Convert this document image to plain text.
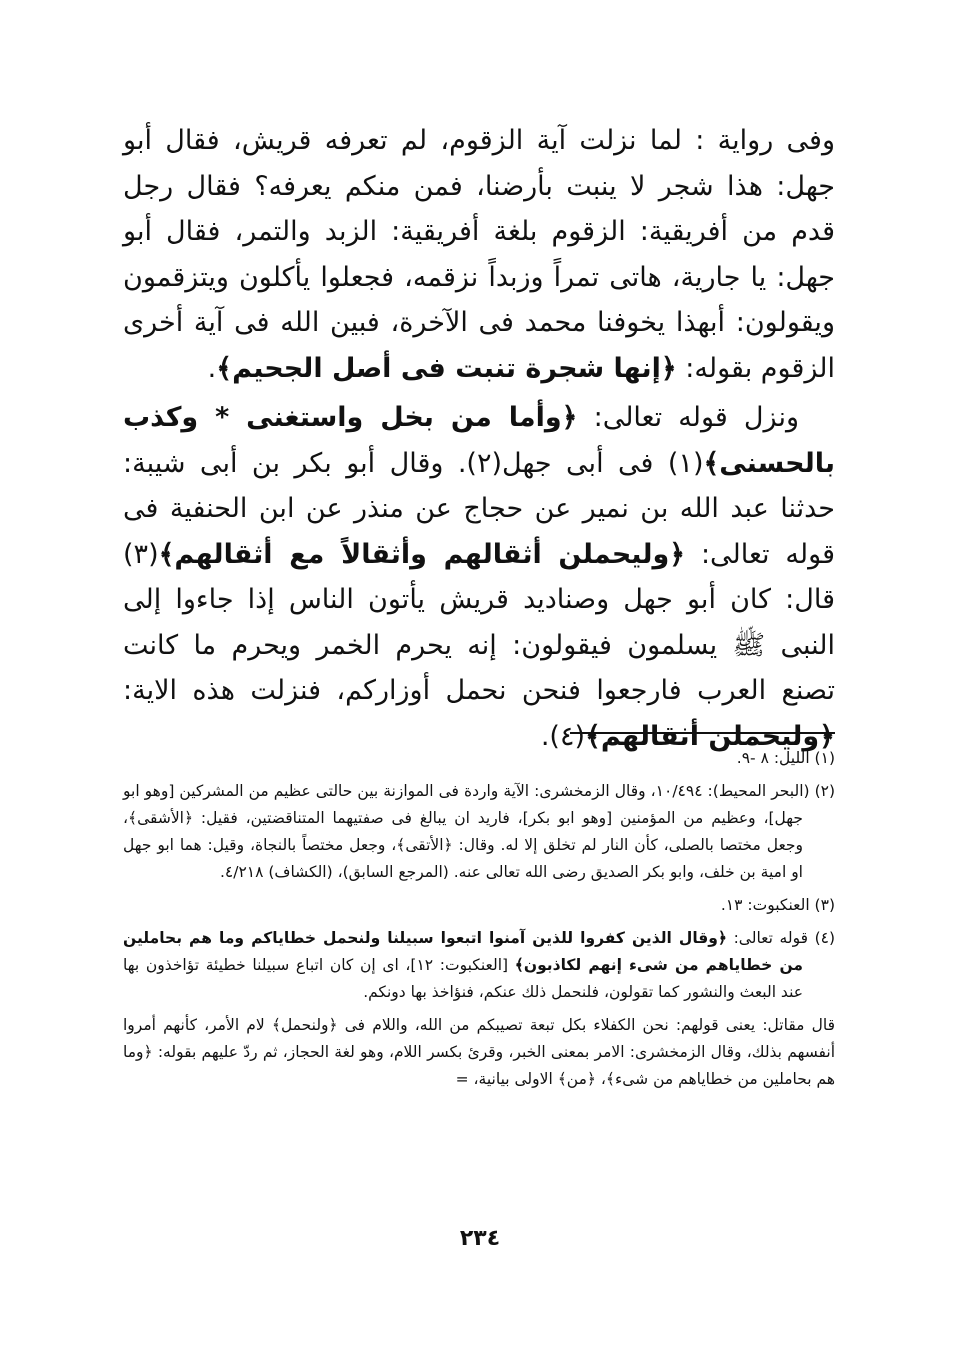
وفى رواية : لما نزلت آية الزقوم، لم تعرفه قريش، فقال أبو جهل: هذا شجر لا ينبت بأرضنا، فمن منكم يعرفه؟ فقال رجل قدم من أفريقية: الزقوم بلغة أفريقية: الزبد والتمر، فقال أبو جهل: يا جارية، هاتى تمراً وزبداً نزقمه، فجعلوا يأكلون ويتزقمون ويقولون: أبهذا يخوفنا محمد فى الآخرة، فبين الله فى آية أخرى الزقوم بقوله: ﴿إنها شجرة تنبت فى أصل الجحيم﴾.

ونزل قوله تعالى: ﴿وأما من بخل واستغنى * وكذب بالحسنى﴾(١) فى أبى جهل(٢). وقال أبو بكر بن أبى شيبة: حدثنا عبد الله بن نمير عن حجاج عن منذر عن ابن الحنفية فى قوله تعالى: ﴿وليحملن أثقالهم وأثقالاً مع أثقالهم﴾(٣) قال: كان أبو جهل وصناديد قريش يأتون الناس إذا جاءوا إلى النبى ﷺ يسلمون فيقولون: إنه يحرم الخمر ويحرم ما كانت تصنع العرب فارجعوا فنحن نحمل أوزاركم، فنزلت هذه الاية: ﴿وليحملن أثقالهم﴾(٤).

(١) الليل: ٨ -٩.

(٢) (البحر المحيط): ١٠/٤٩٤، وقال الزمخشرى: الآية واردة فى الموازنة بين حالتى عظيم من المشركين [وهو ابو جهل]، وعظيم من المؤمنين [وهو ابو بكر]، فاريد ان يبالغ فى صفتيهما المتناقضتين، فقيل: ﴿الأشقى﴾، وجعل مختصا بالصلى، كأن النار لم تخلق إلا له. وقال: ﴿الأتقى﴾، وجعل مختصاً بالنجاة، وقيل: هما ابو جهل او امية بن خلف، وابو بكر الصديق رضى الله تعالى عنه. (المرجع السابق)، (الكشاف) ٤/٢١٨.

(٣) العنكبوت: ١٣.

(٤) قوله تعالى: ﴿وقال الذين كفروا للذين آمنوا اتبعوا سبيلنا ولنحمل خطاياكم وما هم بحاملين من خطاياهم من شىء إنهم لكاذبون﴾ [العنكبوت: ١٢]، اى إن كان اتباع سبيلنا خطيئة تؤاخذون بها عند البعث والنشور كما تقولون، فلنحمل ذلك عنكم، فنؤاخذ بها دونكم.

قال مقاتل: يعنى قولهم: نحن الكفلاء بكل تبعة تصيبكم من الله، واللام فى ﴿ولنحمل﴾ لام الأمر، كأنهم أمروا أنفسهم بذلك، وقال الزمخشرى: الامر بمعنى الخبر، وقرئ بكسر اللام، وهو لغة الحجاز، ثم ردّ عليهم بقوله: ﴿وما هم بحاملين من خطاياهم من شىء﴾، ﴿من﴾ الاولى بيانية، =

٢٣٤
